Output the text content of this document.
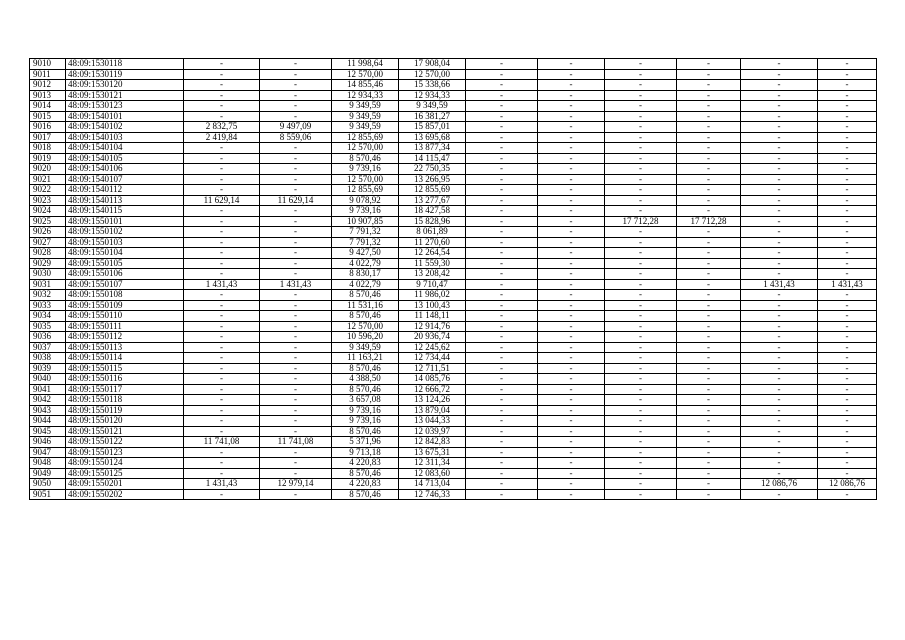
9010	48:09:1530118	-	-	11 998,64	17 908,04	-	-	-	-	-	-
9011	48:09:1530119	-	-	12 570,00	12 570,00	-	-	-	-	-	-
9012	48:09:1530120	-	-	14 855,46	15 338,66	-	-	-	-	-	-
9013	48:09:1530121	-	-	12 934,33	12 934,33	-	-	-	-	-	-
9014	48:09:1530123	-	-	9 349,59	9 349,59	-	-	-	-	-	-
9015	48:09:1540101	-	-	9 349,59	16 381,27	-	-	-	-	-	-
9016	48:09:1540102	2 832,75	9 497,09	9 349,59	15 857,01	-	-	-	-	-	-
9017	48:09:1540103	2 419,84	8 559,06	12 855,69	13 695,68	-	-	-	-	-	-
9018	48:09:1540104	-	-	12 570,00	13 877,34	-	-	-	-	-	-
9019	48:09:1540105	-	-	8 570,46	14 115,47	-	-	-	-	-	-
9020	48:09:1540106	-	-	9 739,16	22 750,35	-	-	-	-	-	-
9021	48:09:1540107	-	-	12 570,00	13 266,95	-	-	-	-	-	-
9022	48:09:1540112	-	-	12 855,69	12 855,69	-	-	-	-	-	-
9023	48:09:1540113	11 629,14	11 629,14	9 078,92	13 277,67	-	-	-	-	-	-
9024	48:09:1540115	-	-	9 739,16	18 427,58	-	-	-	-	-	-
9025	48:09:1550101	-	-	10 907,85	15 828,96	-	-	17 712,28	17 712,28	-	-
9026	48:09:1550102	-	-	7 791,32	8 061,89	-	-	-	-	-	-
9027	48:09:1550103	-	-	7 791,32	11 270,60	-	-	-	-	-	-
9028	48:09:1550104	-	-	9 427,50	12 264,54	-	-	-	-	-	-
9029	48:09:1550105	-	-	4 022,79	11 559,30	-	-	-	-	-	-
9030	48:09:1550106	-	-	8 830,17	13 208,42	-	-	-	-	-	-
9031	48:09:1550107	1 431,43	1 431,43	4 022,79	9 710,47	-	-	-	-	1 431,43	1 431,43
9032	48:09:1550108	-	-	8 570,46	11 986,02	-	-	-	-	-	-
9033	48:09:1550109	-	-	11 531,16	13 100,43	-	-	-	-	-	-
9034	48:09:1550110	-	-	8 570,46	11 148,11	-	-	-	-	-	-
9035	48:09:1550111	-	-	12 570,00	12 914,76	-	-	-	-	-	-
9036	48:09:1550112	-	-	10 596,20	20 936,74	-	-	-	-	-	-
9037	48:09:1550113	-	-	9 349,59	12 245,62	-	-	-	-	-	-
9038	48:09:1550114	-	-	11 163,21	12 734,44	-	-	-	-	-	-
9039	48:09:1550115	-	-	8 570,46	12 711,51	-	-	-	-	-	-
9040	48:09:1550116	-	-	4 388,50	14 085,76	-	-	-	-	-	-
9041	48:09:1550117	-	-	8 570,46	12 666,72	-	-	-	-	-	-
9042	48:09:1550118	-	-	3 657,08	13 124,26	-	-	-	-	-	-
9043	48:09:1550119	-	-	9 739,16	13 879,04	-	-	-	-	-	-
9044	48:09:1550120	-	-	9 739,16	13 044,33	-	-	-	-	-	-
9045	48:09:1550121	-	-	8 570,46	12 039,97	-	-	-	-	-	-
9046	48:09:1550122	11 741,08	11 741,08	5 371,96	12 842,83	-	-	-	-	-	-
9047	48:09:1550123	-	-	9 713,18	13 675,31	-	-	-	-	-	-
9048	48:09:1550124	-	-	4 220,83	12 311,34	-	-	-	-	-	-
9049	48:09:1550125	-	-	8 570,46	12 083,60	-	-	-	-	-	-
9050	48:09:1550201	1 431,43	12 979,14	4 220,83	14 713,04	-	-	-	-	12 086,76	12 086,76
9051	48:09:1550202	-	-	8 570,46	12 746,33	-	-	-	-	-	-
